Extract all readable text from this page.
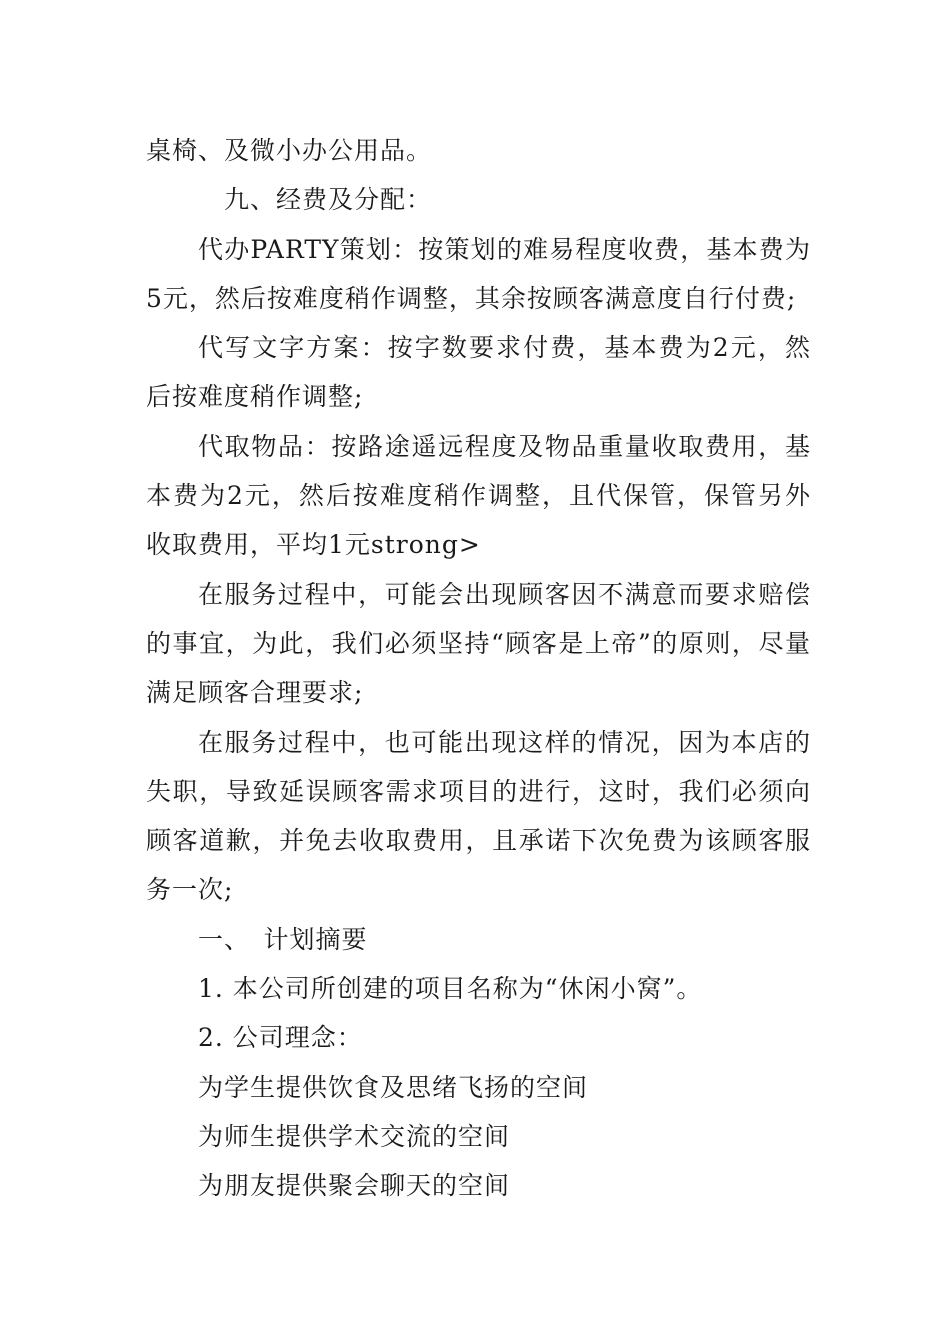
桌椅、及微小办公用品。

九、经费及分配：

代办PARTY策划：按策划的难易程度收费，基本费为5元，然后按难度稍作调整，其余按顾客满意度自行付费;

代写文字方案：按字数要求付费，基本费为2元，然后按难度稍作调整;

代取物品：按路途遥远程度及物品重量收取费用，基本费为2元，然后按难度稍作调整，且代保管，保管另外收取费用，平均1元strong>

在服务过程中，可能会出现顾客因不满意而要求赔偿的事宜，为此，我们必须坚持“顾客是上帝”的原则，尽量满足顾客合理要求;

在服务过程中，也可能出现这样的情况，因为本店的失职，导致延误顾客需求项目的进行，这时，我们必须向顾客道歉，并免去收取费用，且承诺下次免费为该顾客服务一次;

一、　计划摘要

1. 本公司所创建的项目名称为“休闲小窝”。

2. 公司理念：

为学生提供饮食及思绪飞扬的空间

为师生提供学术交流的空间

为朋友提供聚会聊天的空间
